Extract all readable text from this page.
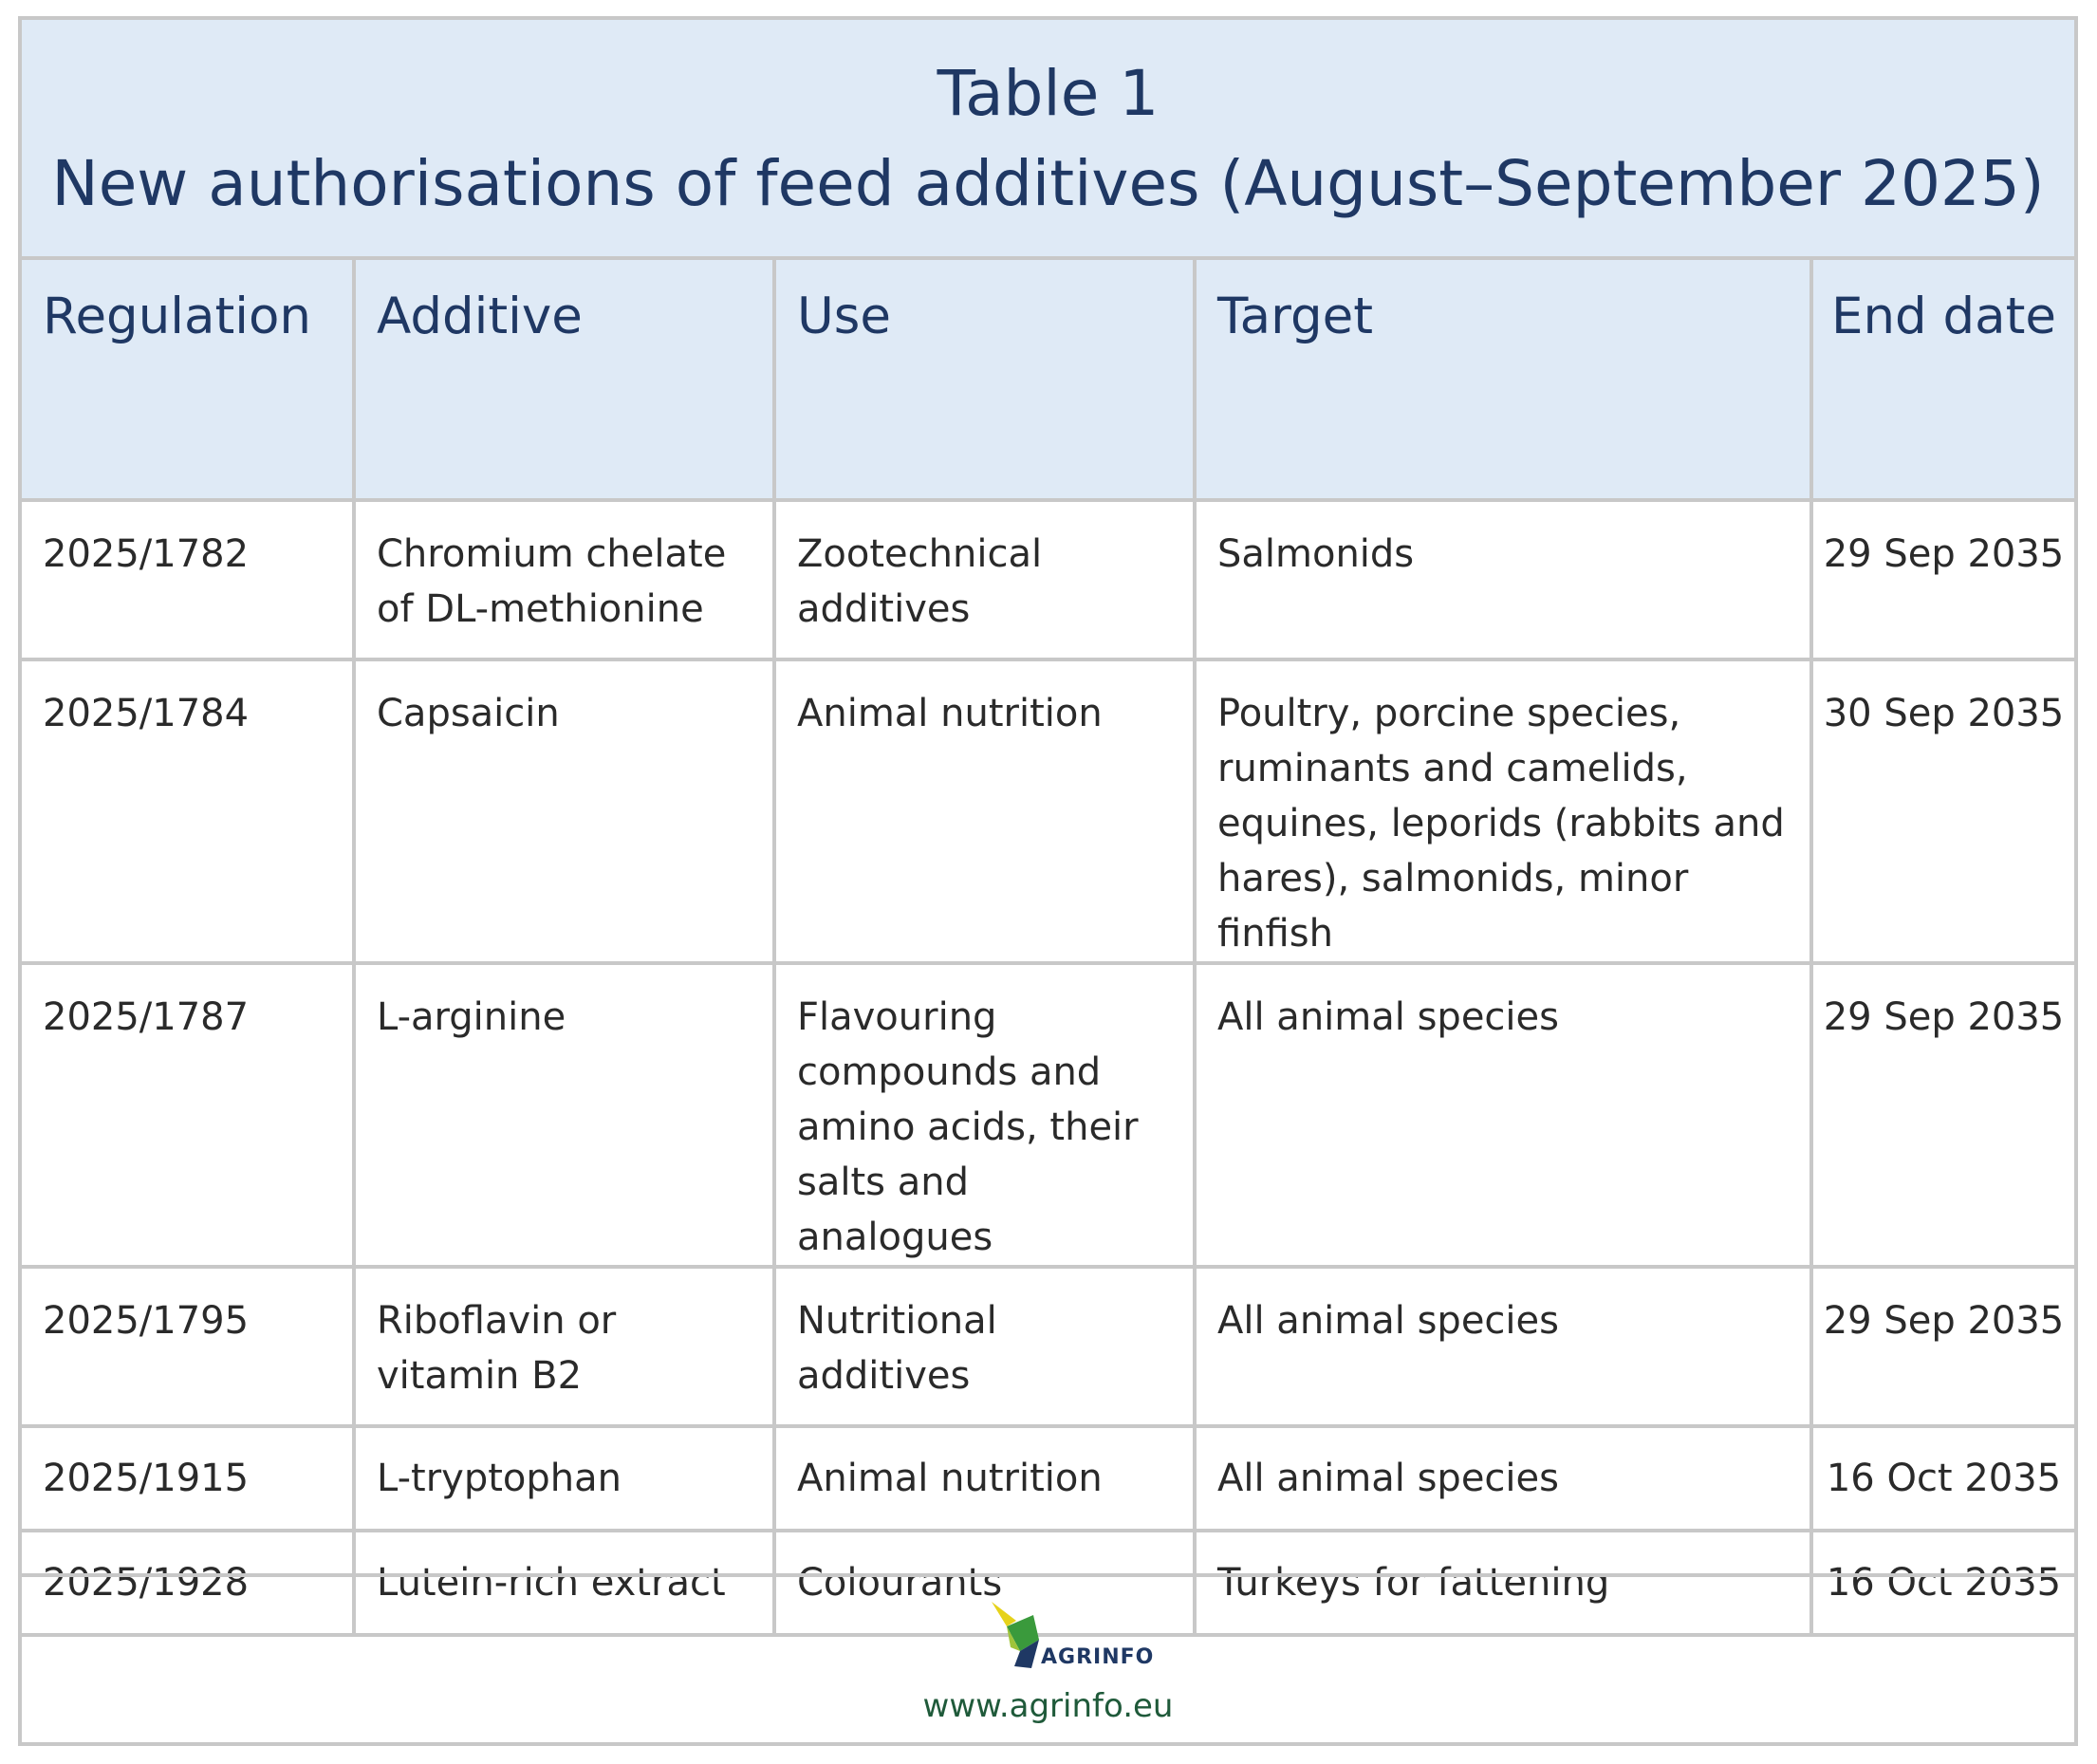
Table 1
New authorisations of feed additives (August–September 2025)
Regulation	Additive	Use	Target	End date
2025/1782	Chromium chelate of DL-methionine	Zootechnical additives	Salmonids	29 Sep 2035
2025/1784	Capsaicin	Animal nutrition	Poultry, porcine species, ruminants and camelids, equines, leporids (rabbits and hares), salmonids, minor finfish	30 Sep 2035
2025/1787	L-arginine	Flavouring compounds and amino acids, their salts and analogues	All animal species	29 Sep 2035
2025/1795	Riboflavin or vitamin B2	Nutritional additives	All animal species	29 Sep 2035
2025/1915	L-tryptophan	Animal nutrition	All animal species	16 Oct 2035
2025/1928	Lutein-rich extract	Colourants	Turkeys for fattening	16 Oct 2035
AGRINFO
www.agrinfo.eu
